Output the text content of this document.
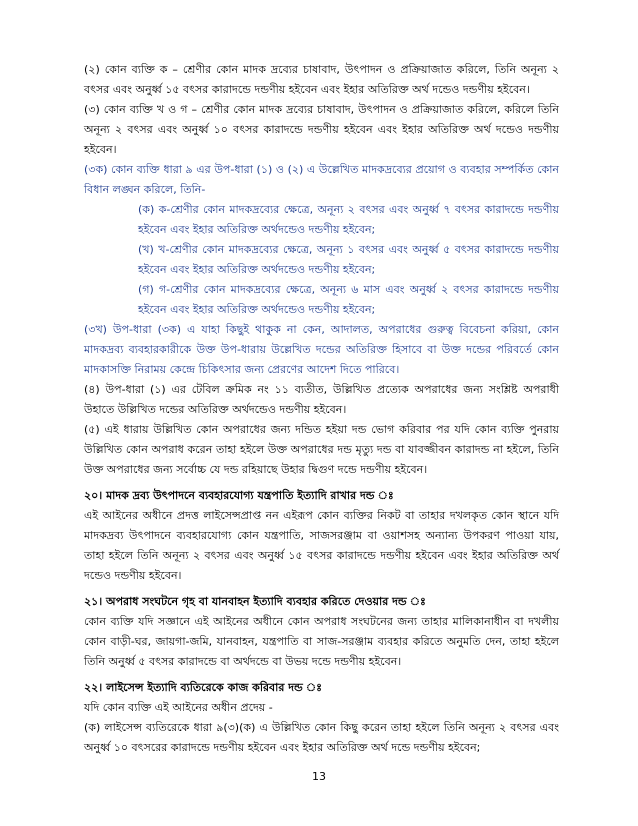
(২) কোন ব্যক্তি ক – শ্রেণীর কোন মাদক দ্রব্যের চাষাবাদ, উৎপাদন ও প্রক্রিয়াজাত করিলে, তিনি অনূন্য ২ বৎসর এবং অনুর্ধ্ব ১৫ বৎসর কারাদন্ডে দন্ডণীয় হইবেন এবং ইহার অতিরিক্ত অর্থ দন্ডেও দন্ডণীয় হইবেন।

(৩) কোন ব্যক্তি খ ও গ – শ্রেণীর কোন মাদক দ্রব্যের চাষাবাদ, উৎপাদন ও প্রক্রিয়াজাত করিলে, করিলে তিনি অনূন্য ২ বৎসর এবং অনুর্ধ্ব ১০ বৎসর কারাদন্ডে দন্ডণীয় হইবেন এবং ইহার অতিরিক্ত অর্থ দন্ডেও দন্ডণীয় হইবেন।

(৩ক) কোন ব্যক্তি ধারা ৯ এর উপ-ধারা (১) ও (২) এ উল্লেখিত মাদকদ্রব্যের প্রয়োগ ও ব্যবহার সম্পর্কিত কোন বিধান লঙ্ঘন করিলে, তিনি-

(ক) ক-শ্রেণীর কোন মাদকদ্রব্যের ক্ষেত্রে, অনূন্য ২ বৎসর এবং অনুর্ধ্ব ৭ বৎসর কারাদন্ডে দন্ডণীয় হইবেন এবং ইহার অতিরিক্ত অর্থদন্ডেও দন্ডণীয় হইবেন;

(খ) খ-শ্রেণীর কোন মাদকদ্রব্যের ক্ষেত্রে, অনূন্য ১ বৎসর এবং অনুর্ধ্ব ৫ বৎসর কারাদন্ডে দন্ডণীয় হইবেন এবং ইহার অতিরিক্ত অর্থদন্ডেও দন্ডণীয় হইবেন;

(গ) গ-শ্রেণীর কোন মাদকদ্রব্যের ক্ষেত্রে, অনূন্য ৬ মাস এবং অনুর্ধ্ব ২ বৎসর কারাদন্ডে দন্ডণীয় হইবেন এবং ইহার অতিরিক্ত অর্থদন্ডেও দন্ডণীয় হইবেন;

(৩খ) উপ-ধারা (৩ক) এ যাহা কিছুই থাকুক না কেন, আদালত, অপরাধের গুরুত্ব বিবেচনা করিয়া, কোন মাদকদ্রব্য ব্যবহারকারীকে উক্ত উপ-ধারায় উল্লেখিত দন্ডের অতিরিক্ত হিসাবে বা উক্ত দন্ডের পরিবর্তে কোন মাদকাসক্তি নিরাময় কেন্দ্রে চিকিৎসার জন্য প্রেরণের আদেশ দিতে পারিবে।

(৪) উপ-ধারা (১) এর টেবিল ক্রমিক নং ১১ ব্যতীত, উল্লিখিত প্রত্যেক অপরাধের জন্য সংশ্লিষ্ট অপরাধী উহাতে উল্লিখিত দন্ডের অতিরিক্ত অর্থদন্ডেও দন্ডণীয় হইবেন।

(৫) এই ধারায় উল্লিখিত কোন অপরাধের জন্য দন্ডিত হইয়া দন্ড ভোগ করিবার পর যদি কোন ব্যক্তি পুনরায় উল্লিখিত কোন অপরাধ করেন তাহা হইলে উক্ত অপরাধের দন্ড মৃত্যু দন্ড বা যাবজ্জীবন কারাদন্ড না হইলে, তিনি উক্ত অপরাধের জন্য সর্বোচ্চ যে দন্ড রহিয়াছে উহার দ্বিগুণ দন্ডে দন্ডণীয় হইবেন।

২০। মাদক দ্রব্য উৎপাদনে ব্যবহারযোগ্য যন্ত্রপাতি ইত্যাদি রাখার দন্ড ঃ

এই আইনের অধীনে প্রদত্ত লাইসেন্সপ্রাপ্ত নন এইরূপ কোন ব্যক্তির নিকট বা তাহার দখলকৃত কোন স্থানে যদি মাদকদ্রব্য উৎপাদনে ব্যবহারযোগ্য কোন যন্ত্রপাতি, সাজসরঞ্জাম বা ওয়াশসহ অন্যান্য উপকরণ পাওয়া যায়, তাহা হইলে তিনি অনূন্য ২ বৎসর এবং অনুর্ধ্ব ১৫ বৎসর কারাদন্ডে দন্ডণীয় হইবেন এবং ইহার অতিরিক্ত অর্থ দন্ডেও দন্ডণীয় হইবেন।

২১। অপরাধ সংঘটনে গৃহ বা যানবাহন ইত্যাদি ব্যবহার করিতে দেওয়ার দন্ড ঃ

কোন ব্যক্তি যদি সজ্ঞানে এই আইনের অধীনে কোন অপরাধ সংঘটনের জন্য তাহার মালিকানাধীন বা দখলীয় কোন বাড়ী-ঘর, জায়গা-জমি, যানবাহন, যন্ত্রপাতি বা সাজ-সরঞ্জাম ব্যবহার করিতে অনুমতি দেন, তাহা হইলে তিনি অনুর্ধ্ব ৫ বৎসর কারাদন্ডে বা অর্থদন্ডে বা উভয় দন্ডে দন্ডণীয় হইবেন।

২২। লাইসেন্স ইত্যাদি ব্যতিরেকে কাজ করিবার দন্ড ঃ

যদি কোন ব্যক্তি এই আইনের অধীন প্রদেয় -

(ক) লাইসেন্স ব্যতিরেকে ধারা ৯(৩)(ক) এ উল্লিখিত কোন কিছু করেন তাহা হইলে তিনি অনূন্য ২ বৎসর এবং অনুর্ধ্ব ১০ বৎসরের কারাদন্ডে দন্ডণীয় হইবেন এবং ইহার অতিরিক্ত অর্থ দন্ডে দন্ডণীয় হইবেন;

13
